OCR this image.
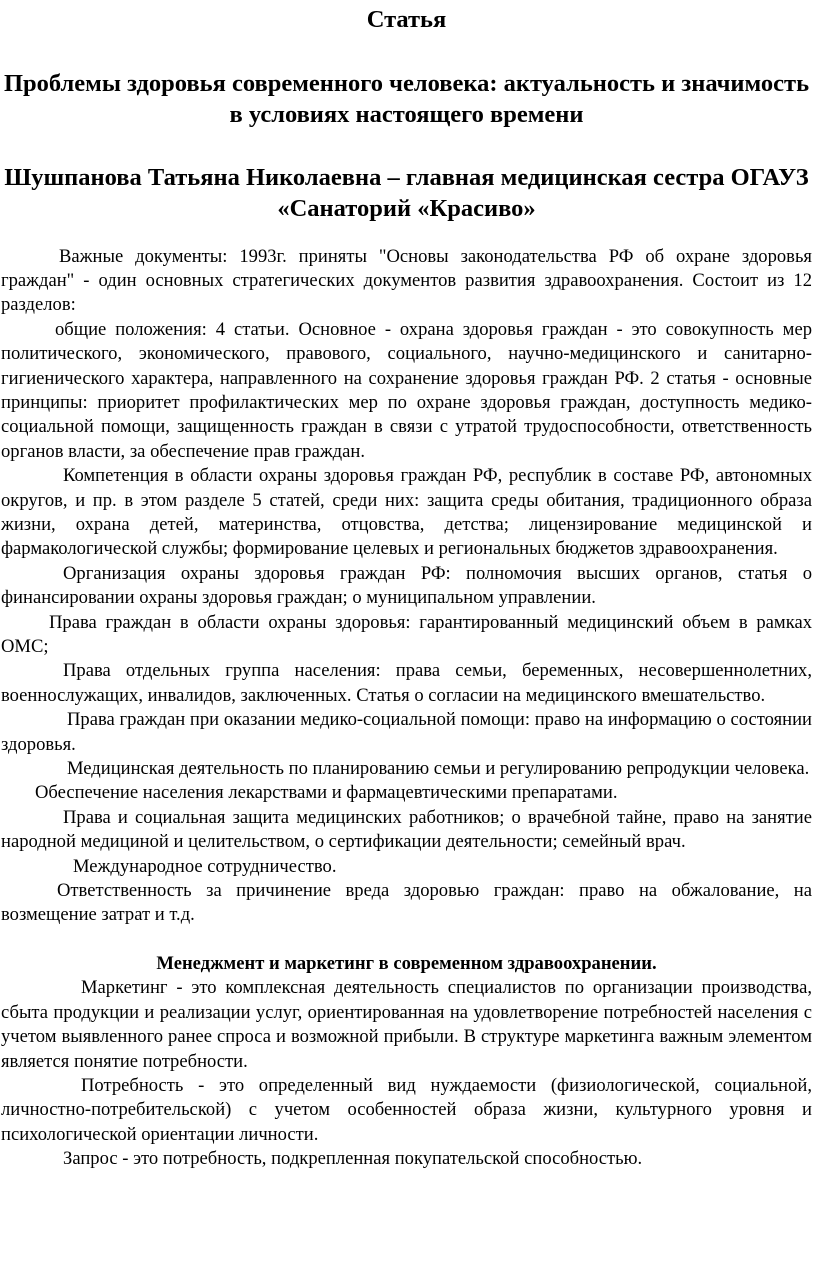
Статья

Проблемы здоровья современного человека: актуальность и значимость в условиях настоящего времени

Шушпанова Татьяна Николаевна – главная медицинская сестра ОГАУЗ «Санаторий «Красиво»

Важные документы: 1993г. приняты "Основы законодательства РФ об охране здоровья граждан" - один основных стратегических документов развития здравоохранения. Состоит из 12 разделов:

общие положения: 4 статьи. Основное - охрана здоровья граждан - это совокупность мер политического, экономического, правового, социального, научно-медицинского и санитарно-гигиенического характера, направленного на сохранение здоровья граждан РФ. 2 статья - основные принципы: приоритет профилактических мер по охране здоровья граждан, доступность медико-социальной помощи, защищенность граждан в связи с утратой трудоспособности, ответственность органов власти, за обеспечение прав граждан.

Компетенция в области охраны здоровья граждан РФ, республик в составе РФ, автономных округов, и пр. в этом разделе 5 статей, среди них: защита среды обитания, традиционного образа жизни, охрана детей, материнства, отцовства, детства; лицензирование медицинской и фармакологической службы; формирование целевых и региональных бюджетов здравоохранения.

Организация охраны здоровья граждан РФ: полномочия высших органов, статья о финансировании охраны здоровья граждан; о муниципальном управлении.

Права граждан в области охраны здоровья: гарантированный медицинский объем в рамках ОМС;

Права отдельных группа населения: права семьи, беременных, несовершеннолетних, военнослужащих, инвалидов, заключенных. Статья о согласии на медицинского вмешательство.

Права граждан при оказании медико-социальной помощи: право на информацию о состоянии здоровья.

Медицинская деятельность по планированию семьи и регулированию репродукции человека.

Обеспечение населения лекарствами и фармацевтическими препаратами.

Права и социальная защита медицинских работников; о врачебной тайне, право на занятие народной медициной и целительством, о сертификации деятельности; семейный врач.

Международное сотрудничество.

Ответственность за причинение вреда здоровью граждан: право на обжалование, на возмещение затрат и т.д.

Менеджмент и маркетинг в современном здравоохранении.

Маркетинг - это комплексная деятельность специалистов по организации производства, сбыта продукции и реализации услуг, ориентированная на удовлетворение потребностей населения с учетом выявленного ранее спроса и возможной прибыли. В структуре маркетинга важным элементом является понятие потребности.

Потребность - это определенный вид нуждаемости (физиологической, социальной, личностно-потребительской) с учетом особенностей образа жизни, культурного уровня и психологической ориентации личности.

Запрос - это потребность, подкрепленная покупательской способностью.
